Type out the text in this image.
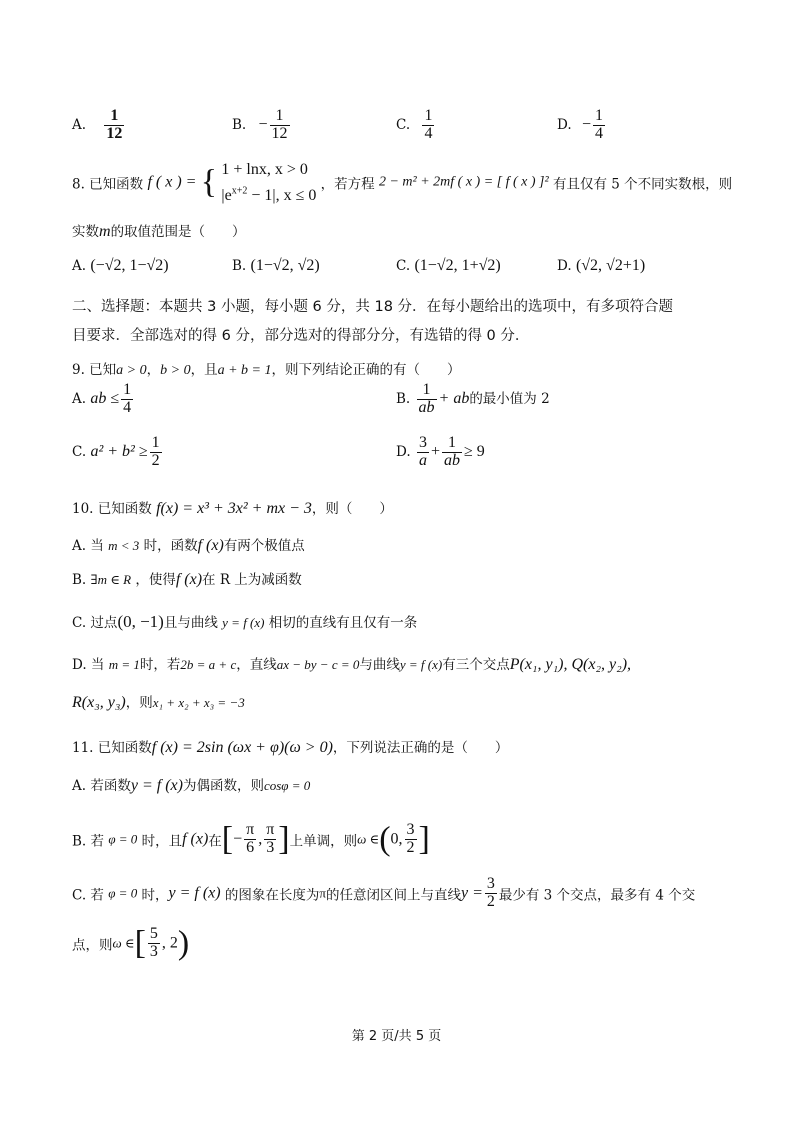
A. $\frac{1}{12}$	B. − $\frac{1}{12}$	C. $\frac{1}{4}$	D. − $\frac{1}{4}$
8. 已知函数 f ( x ) = { 1 + lnx, x > 0
$|e^{x+2} - 1|$, x ≤ 0 ，若方程 2 − m² + 2mf ( x ) = [ f ( x ) ]² 有且仅有 5 个不同实数根，则
实数m的取值范围是（　　）
A. (−√2, 1−√2)	B. (1−√2, √2)	C. (1−√2, 1+√2)	D. (√2, √2+1)
二、选择题：本题共 3 小题，每小题 6 分，共 18 分．在每小题给出的选项中，有多项符合题
目要求．全部选对的得 6 分，部分选对的得部分分，有选错的得 0 分．
9. 已知a > 0，b > 0，且a + b = 1，则下列结论正确的有（　　）
A. ab ≤ $\frac{1}{4}$	B. $\frac{1}{ab}$ + ab的最小值为 2
C. $a^2 + b^2 \ge \frac{1}{2}$	D. $\frac{3}{a} + \frac{1}{ab} \ge 9$
10. 已知函数 f(x) = x³ + 3x² + mx − 3，则（　　）
A. 当 m < 3 时，函数f (x)有两个极值点
B. ∃m ∈ R ，使得f (x)在 R 上为减函数
C. 过点(0, −1)且与曲线 y = f (x) 相切的直线有且仅有一条
D. 当 m = 1时，若2b = a + c，直线ax − by − c = 0与曲线y = f (x)有三个交点P(x₁, y₁), Q(x₂, y₂),
R(x₃, y₃)，则x₁ + x₂ + x₃ = −3
11. 已知函数f (x) = 2sin (ωx + φ)(ω > 0)，下列说法正确的是（　　）
A. 若函数y = f (x)为偶函数，则cosφ = 0
B. 若 φ = 0 时，且f (x)在[− $\frac{\pi}{6}$ , $\frac{\pi}{3}$ ]上单调，则ω ∈(0, $\frac{3}{2}$ ]
C. 若 φ = 0 时，y = f (x) 的图象在长度为π的任意闭区间上与直线$y = \frac{3}{2}$ 最少有 3 个交点，最多有 4 个交
点，则ω ∈[ $\frac{5}{3}$ , 2)
第 2 页/共 5 页
